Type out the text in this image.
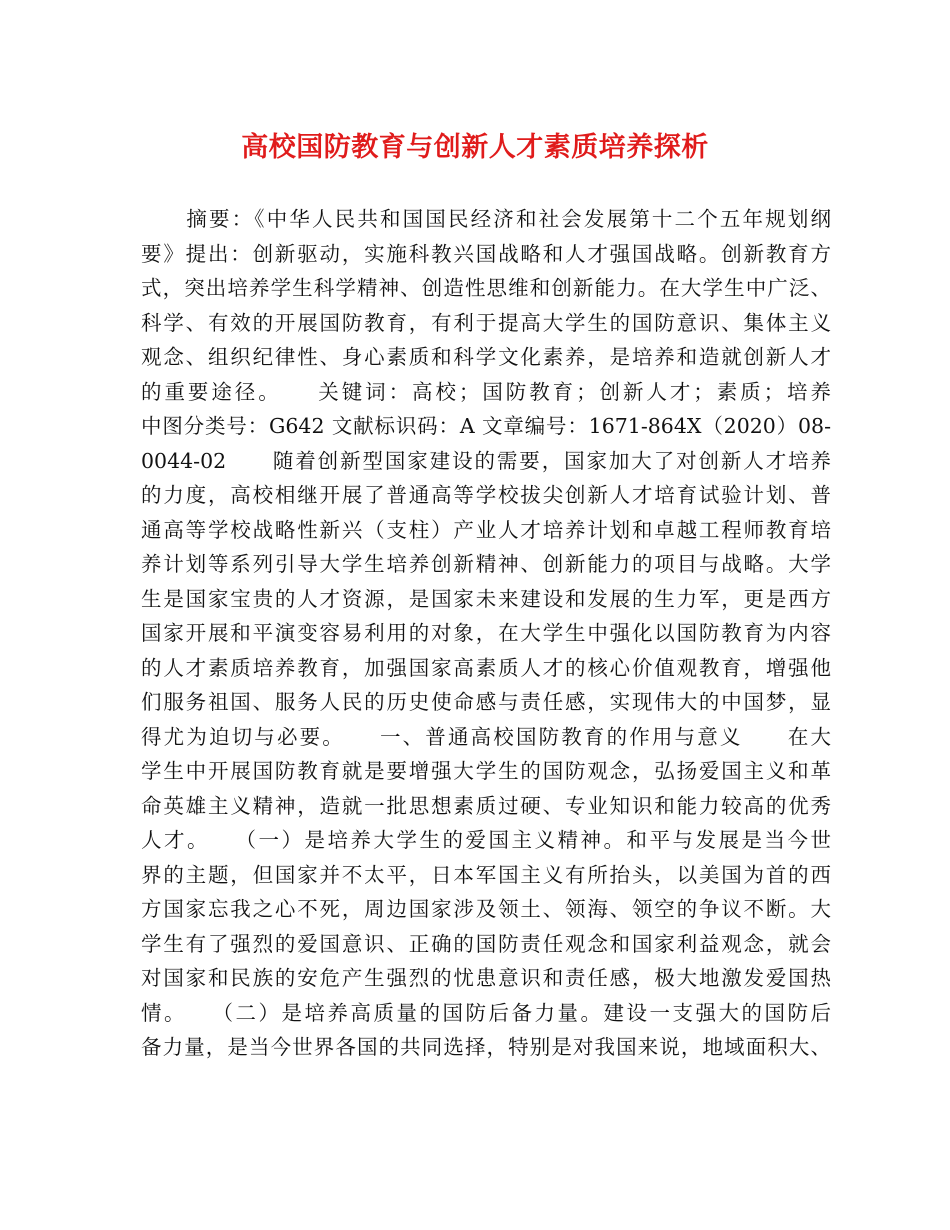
高校国防教育与创新人才素质培养探析
　　摘要：《中华人民共和国国民经济和社会发展第十二个五年规划纲
要》提出：创新驱动，实施科教兴国战略和人才强国战略。创新教育方
式，突出培养学生科学精神、创造性思维和创新能力。在大学生中广泛、
科学、有效的开展国防教育，有利于提高大学生的国防意识、集体主义
观念、组织纪律性、身心素质和科学文化素养，是培养和造就创新人才
的重要途径。　　关键词：高校；国防教育；创新人才；素质；培养
中图分类号：G642 文献标识码：A 文章编号：1671-864X（2020）08-
0044-02　　随着创新型国家建设的需要，国家加大了对创新人才培养
的力度，高校相继开展了普通高等学校拔尖创新人才培育试验计划、普
通高等学校战略性新兴（支柱）产业人才培养计划和卓越工程师教育培
养计划等系列引导大学生培养创新精神、创新能力的项目与战略。大学
生是国家宝贵的人才资源，是国家未来建设和发展的生力军，更是西方
国家开展和平演变容易利用的对象，在大学生中强化以国防教育为内容
的人才素质培养教育，加强国家高素质人才的核心价值观教育，增强他
们服务祖国、服务人民的历史使命感与责任感，实现伟大的中国梦，显
得尤为迫切与必要。　　一、普通高校国防教育的作用与意义　　在大
学生中开展国防教育就是要增强大学生的国防观念，弘扬爱国主义和革
命英雄主义精神，造就一批思想素质过硬、专业知识和能力较高的优秀
人才。　　（一）是培养大学生的爱国主义精神。和平与发展是当今世
界的主题，但国家并不太平，日本军国主义有所抬头，以美国为首的西
方国家忘我之心不死，周边国家涉及领土、领海、领空的争议不断。大
学生有了强烈的爱国意识、正确的国防责任观念和国家利益观念，就会
对国家和民族的安危产生强烈的忧患意识和责任感，极大地激发爱国热
情。　　（二）是培养高质量的国防后备力量。建设一支强大的国防后
备力量，是当今世界各国的共同选择，特别是对我国来说，地域面积大、
